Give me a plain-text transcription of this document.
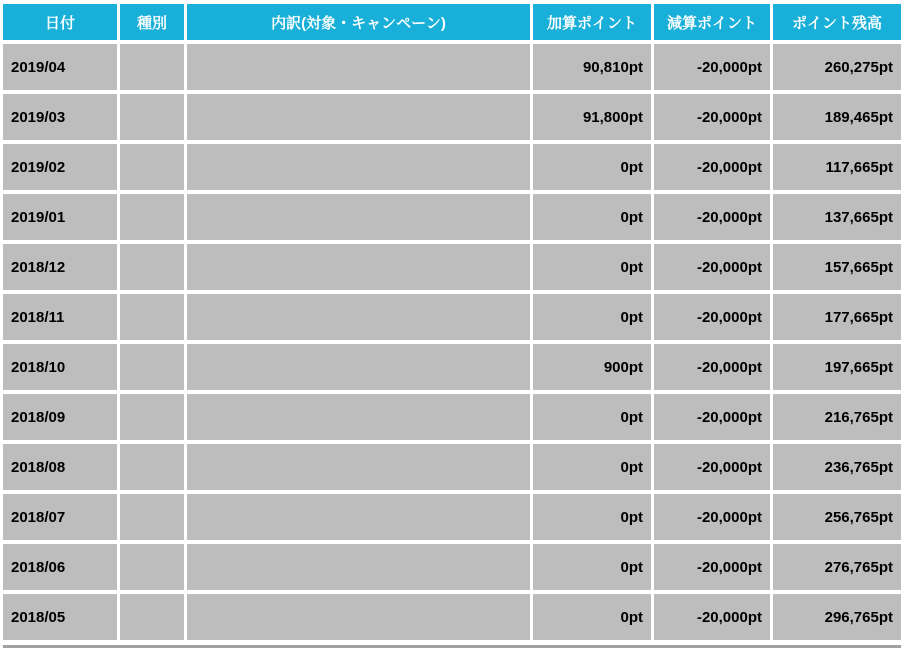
日付	種別	内訳(対象・キャンペーン)	加算ポイント	減算ポイント	ポイント残高
2019/04			90,810pt	-20,000pt	260,275pt
2019/03			91,800pt	-20,000pt	189,465pt
2019/02			0pt	-20,000pt	117,665pt
2019/01			0pt	-20,000pt	137,665pt
2018/12			0pt	-20,000pt	157,665pt
2018/11			0pt	-20,000pt	177,665pt
2018/10			900pt	-20,000pt	197,665pt
2018/09			0pt	-20,000pt	216,765pt
2018/08			0pt	-20,000pt	236,765pt
2018/07			0pt	-20,000pt	256,765pt
2018/06			0pt	-20,000pt	276,765pt
2018/05			0pt	-20,000pt	296,765pt
